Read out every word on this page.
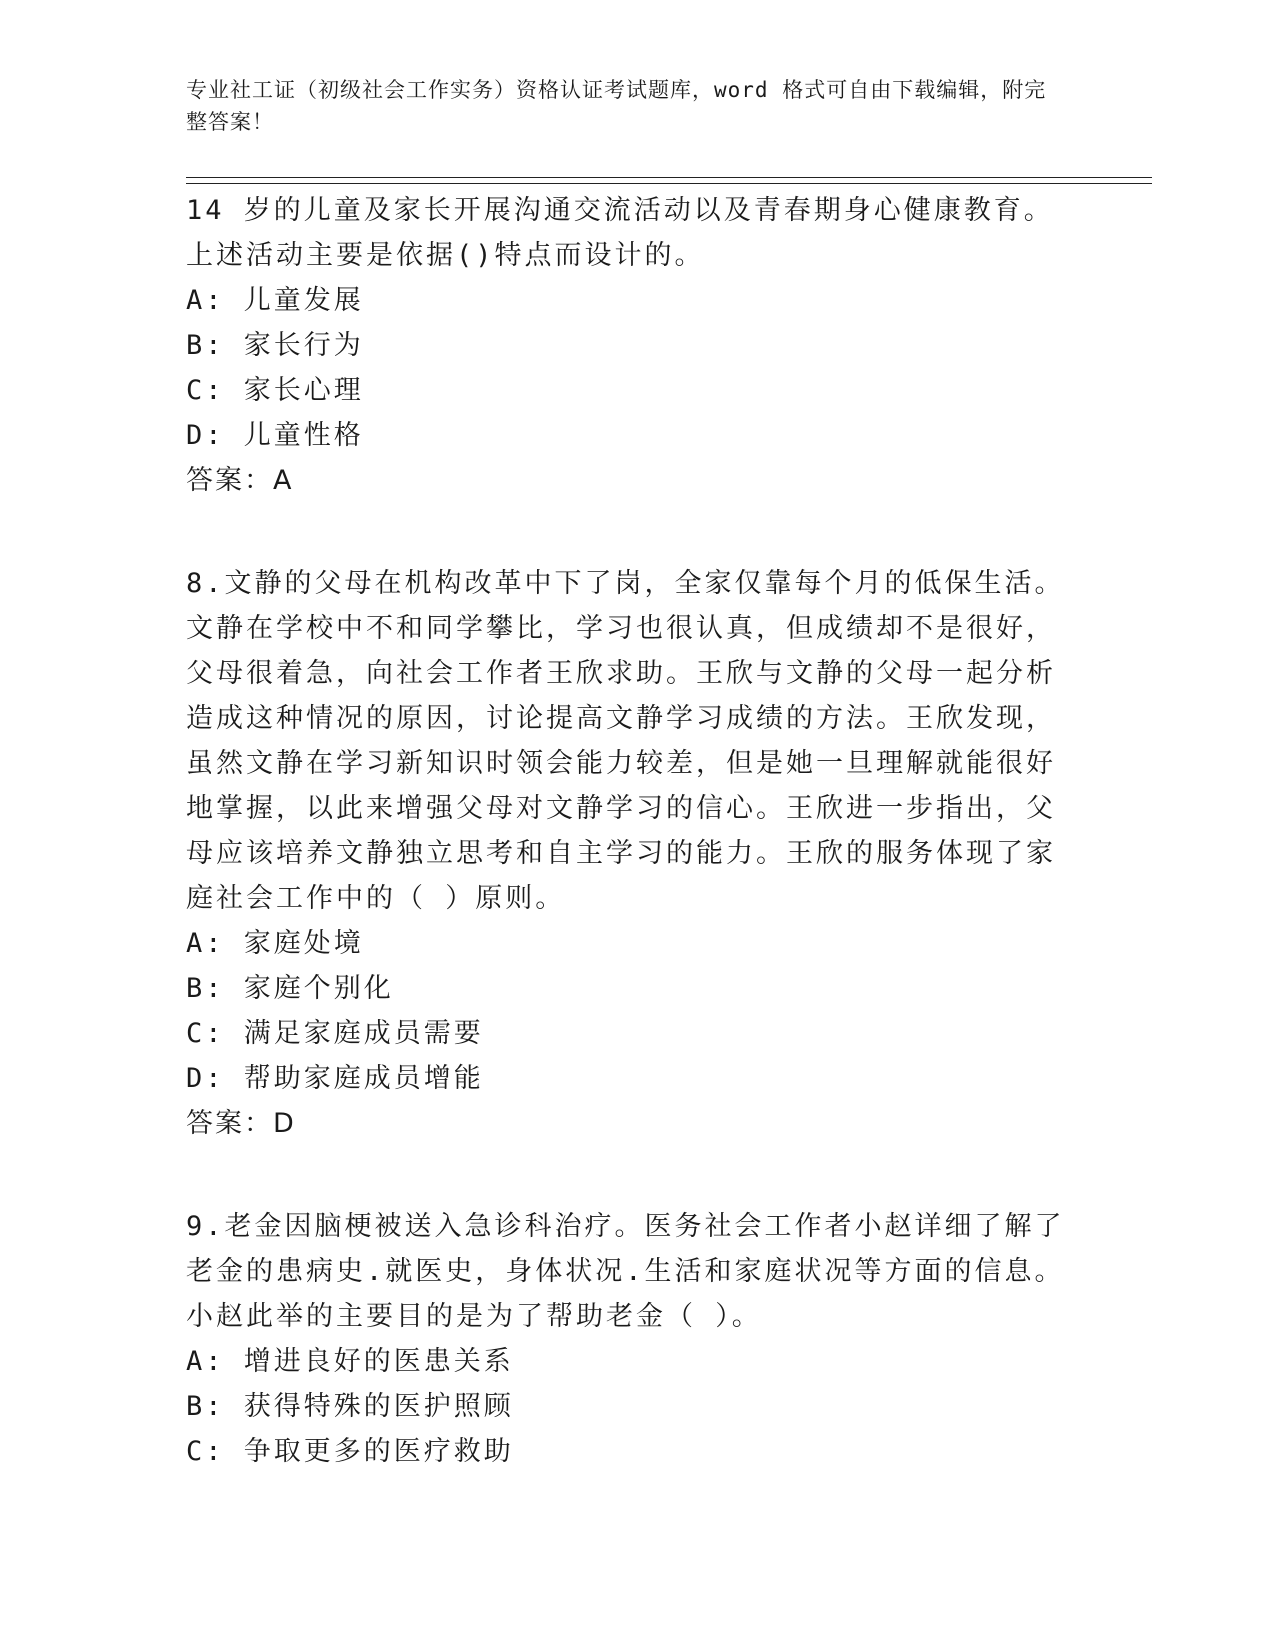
专业社工证（初级社会工作实务）资格认证考试题库，word 格式可自由下载编辑，附完整答案！

14 岁的儿童及家长开展沟通交流活动以及青春期身心健康教育。上述活动主要是依据()特点而设计的。

A: 儿童发展

B: 家长行为

C: 家长心理

D: 儿童性格

答案：A

8.文静的父母在机构改革中下了岗，全家仅靠每个月的低保生活。文静在学校中不和同学攀比，学习也很认真，但成绩却不是很好，父母很着急，向社会工作者王欣求助。王欣与文静的父母一起分析造成这种情况的原因，讨论提高文静学习成绩的方法。王欣发现，虽然文静在学习新知识时领会能力较差，但是她一旦理解就能很好地掌握，以此来增强父母对文静学习的信心。王欣进一步指出，父母应该培养文静独立思考和自主学习的能力。王欣的服务体现了家庭社会工作中的（ ）原则。

A: 家庭处境

B: 家庭个别化

C: 满足家庭成员需要

D: 帮助家庭成员增能

答案：D

9.老金因脑梗被送入急诊科治疗。医务社会工作者小赵详细了解了老金的患病史.就医史，身体状况.生活和家庭状况等方面的信息。小赵此举的主要目的是为了帮助老金（ ）。

A: 增进良好的医患关系

B: 获得特殊的医护照顾

C: 争取更多的医疗救助
